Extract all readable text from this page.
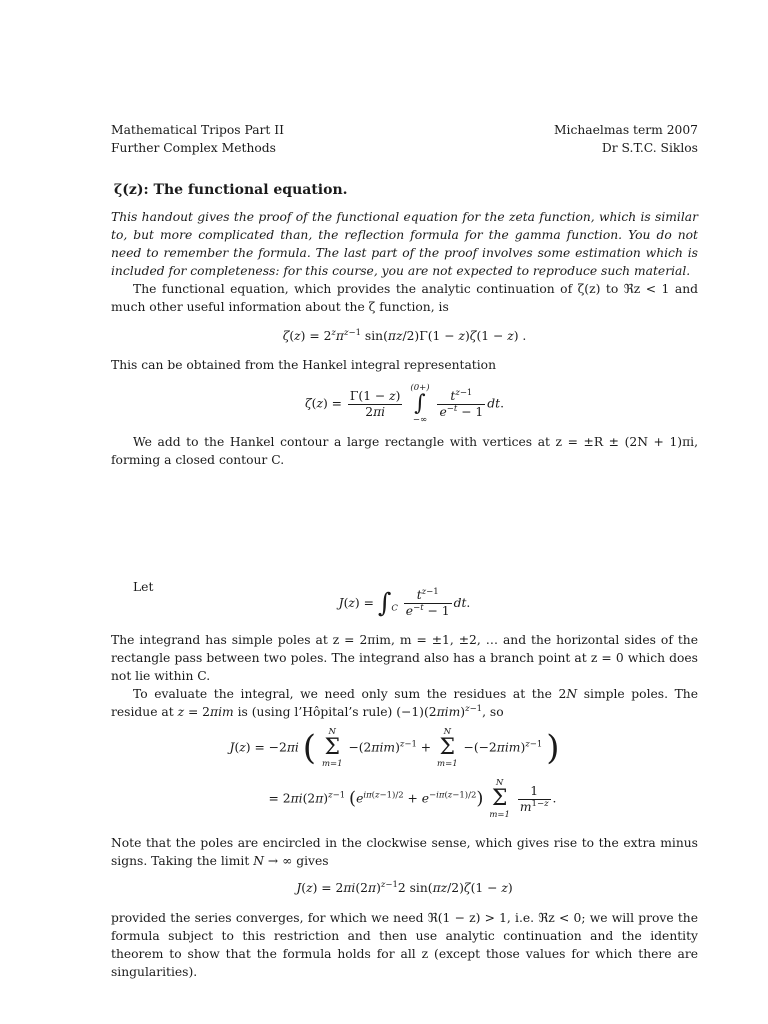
Mathematical Tripos Part II
Further Complex Methods
Michaelmas term 2007
Dr S.T.C. Siklos
ζ(z): The functional equation.
This handout gives the proof of the functional equation for the zeta function, which is similar to, but more complicated than, the reflection formula for the gamma function. You do not need to remember the formula. The last part of the proof involves some estimation which is included for completeness: for this course, you are not expected to reproduce such material.
The functional equation, which provides the analytic continuation of ζ(z) to ℜz < 1 and much other useful information about the ζ function, is
$\zeta(z) = 2^z\pi^{z-1}$ sin(πz/2)Γ(1 − z)ζ(1 − z) .
This can be obtained from the Hankel integral representation
$\zeta(z) = \frac{\Gamma(1 - z)}{2\pi i}$

(0+)
∫
−∞

$\frac{t^{z-1}}{e^{-t} - 1}$ dt.
We add to the Hankel contour a large rectangle with vertices at z = ±R ± (2N + 1)πi, forming a closed contour C.
Let
$J(z) = \int_C \frac{t^{z-1}}{e^{-t} - 1}$ dt.
The integrand has simple poles at z = 2πim, m = ±1, ±2, … and the horizontal sides of the rectangle pass between two poles. The integrand also has a branch point at z = 0 which does not lie within C.
To evaluate the integral, we need only sum the residues at the 2N simple poles. The residue at z = 2πim is (using l’Hôpital’s rule) $(-1)(2\pi im)^{z-1}$, so
J(z) = −2πi (	N
Σ
m=1
$-(2\pi im)^{z-1}$ +
N
Σ
m=1
$-(-2\pi im)^{z-1}$ )
= $2\pi i(2\pi)^{z-1}$ $(e^{i\pi(z-1)/2} + e^{-i\pi(z-1)/2})$
N
Σ
m=1

$\frac{1}{m^{1-z}}$ .
Note that the poles are encircled in the clockwise sense, which gives rise to the extra minus signs. Taking the limit N → ∞ gives
$J(z) = 2\pi i(2\pi)^{z-1}2$ sin(πz/2)ζ(1 − z)
provided the series converges, for which we need ℜ(1 − z) > 1, i.e. ℜz < 0; we will prove the formula subject to this restriction and then use analytic continuation and the identity theorem to show that the formula holds for all z (except those values for which there are singularities).
